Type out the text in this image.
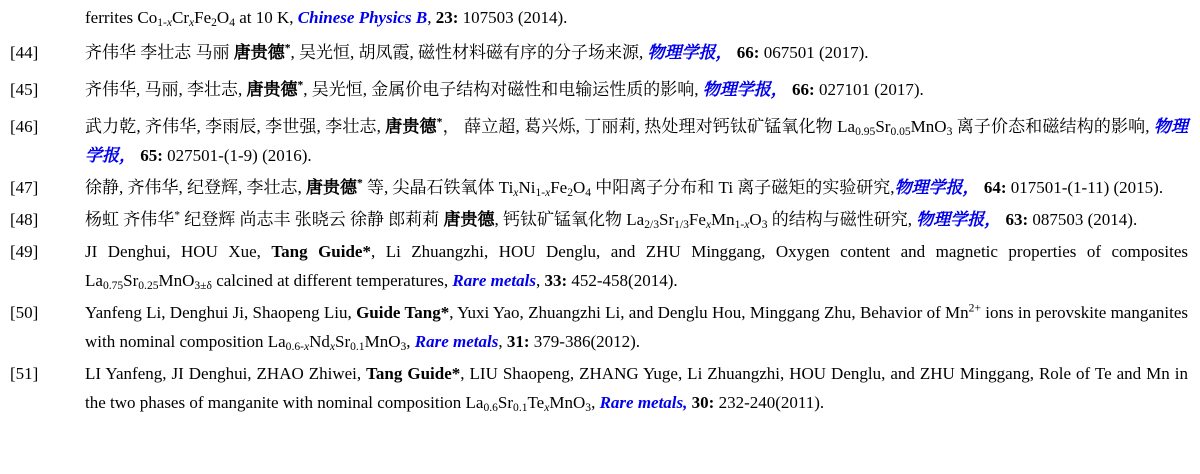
ferrites $Co_{1-x}Cr_xFe_2O_4$ at 10 K, Chinese Physics B, 23: 107503 (2014).
[44]	齐伟华 李壮志 马丽 唐贵德*, 吴光恒, 胡凤霞, 磁性材料磁有序的分子场来源, 物理学报， 66: 067501 (2017).
[45]	齐伟华, 马丽, 李壮志, 唐贵德*, 吴光恒, 金属价电子结构对磁性和电输运性质的影响, 物理学报， 66: 027101 (2017).
[46]	武力乾, 齐伟华, 李雨辰, 李世强, 李壮志, 唐贵德*， 薛立超, 葛兴烁, 丁丽莉, 热处理对钙钛矿锰氧化物 $La_{0.95}Sr_{0.05}MnO_3$ 离子价态和磁结构的影响, 物理学报， 65: 027501-(1-9) (2016).
[47]	徐静, 齐伟华, 纪登辉, 李壮志, 唐贵德* 等, 尖晶石铁氧体 $Ti_xNi_{1-x}Fe_2O_4$ 中阳离子分布和 Ti 离子磁矩的实验研究,物理学报， 64: 017501-(1-11) (2015).
[48]	杨虹 齐伟华* 纪登辉 尚志丰 张晓云 徐静 郎莉莉 唐贵德, 钙钛矿锰氧化物 $La_{2/3}Sr_{1/3}Fe_xMn_{1-x}O_3$ 的结构与磁性研究, 物理学报， 63: 087503 (2014).
[49]	JI Denghui, HOU Xue, Tang Guide*, Li Zhuangzhi, HOU Denglu, and ZHU Minggang, Oxygen content and magnetic properties of composites $La_{0.75}Sr_{0.25}MnO_{3\pm\delta}$ calcined at different temperatures, Rare metals, 33: 452-458(2014).
[50]	Yanfeng Li, Denghui Ji, Shaopeng Liu, Guide Tang*, Yuxi Yao, Zhuangzhi Li, and Denglu Hou, Minggang Zhu, Behavior of $Mn^{2+}$ ions in perovskite manganites with nominal composition $La_{0.6-x}Nd_xSr_{0.1}MnO_3$, Rare metals, 31: 379-386(2012).
[51]	LI Yanfeng, JI Denghui, ZHAO Zhiwei, Tang Guide*, LIU Shaopeng, ZHANG Yuge, Li Zhuangzhi, HOU Denglu, and ZHU Minggang, Role of Te and Mn in the two phases of manganite with nominal composition $La_{0.6}Sr_{0.1}Te_xMnO_3$, Rare metals, 30: 232-240(2011).
